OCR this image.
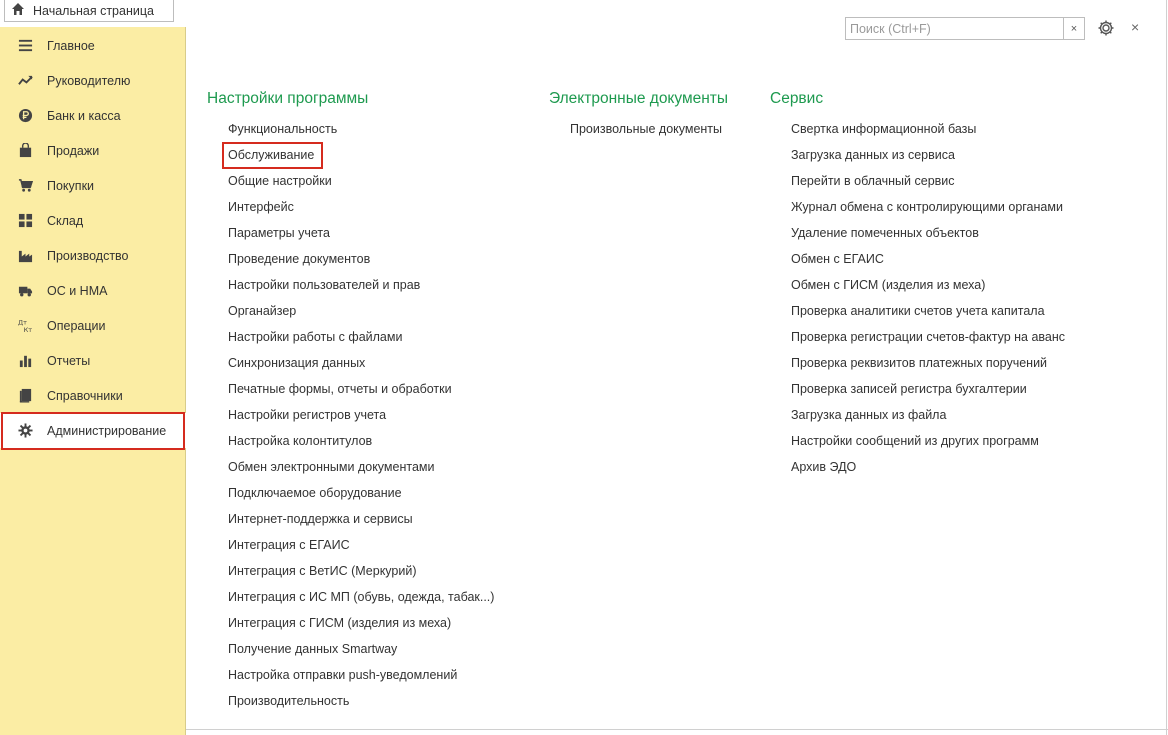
Начальная страница
Главное
Руководителю
Банк и касса
Продажи
Покупки
Склад
Производство
ОС и НМА
Дт
Кт Операции
Отчеты
Справочники
Администрирование
Поиск (Ctrl+F)
×	×
Настройки программы
Функциональность
Обслуживание
Общие настройки
Интерфейс
Параметры учета
Проведение документов
Настройки пользователей и прав
Органайзер
Настройки работы с файлами
Синхронизация данных
Печатные формы, отчеты и обработки
Настройки регистров учета
Настройка колонтитулов
Обмен электронными документами
Подключаемое оборудование
Интернет-поддержка и сервисы
Интеграция с ЕГАИС
Интеграция с ВетИС (Меркурий)
Интеграция с ИС МП (обувь, одежда, табак...)
Интеграция с ГИСМ (изделия из меха)
Получение данных Smartway
Настройка отправки push-уведомлений
Производительность
Электронные документы
Произвольные документы
Сервис
Свертка информационной базы
Загрузка данных из сервиса
Перейти в облачный сервис
Журнал обмена с контролирующими органами
Удаление помеченных объектов
Обмен с ЕГАИС
Обмен с ГИСМ (изделия из меха)
Проверка аналитики счетов учета капитала
Проверка регистрации счетов-фактур на аванс
Проверка реквизитов платежных поручений
Проверка записей регистра бухгалтерии
Загрузка данных из файла
Настройки сообщений из других программ
Архив ЭДО
